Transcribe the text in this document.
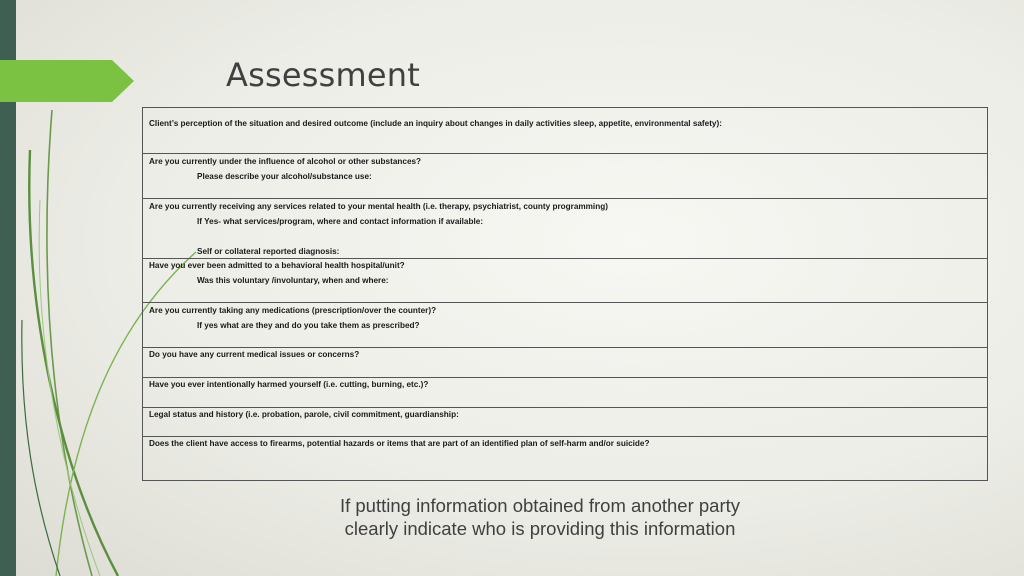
Assessment

Client’s perception of the situation and desired outcome (include an inquiry about changes in daily activities sleep, appetite, environmental safety):

Are you currently under the influence of alcohol or other substances?

Please describe your alcohol/substance use:

Are you currently receiving any services related to your mental health (i.e. therapy, psychiatrist, county programming)

If Yes- what services/program, where and contact information if available:

Self or collateral reported diagnosis:

Have you ever been admitted to a behavioral health hospital/unit?

Was this voluntary /involuntary, when and where:

Are you currently taking any medications (prescription/over the counter)?

If yes what are they and do you take them as prescribed?

Do you have any current medical issues or concerns?

Have you ever intentionally harmed yourself (i.e. cutting, burning, etc.)?

Legal status and history (i.e. probation, parole, civil commitment, guardianship:

Does the client have access to firearms, potential hazards or items that are part of an identified plan of self-harm and/or suicide?

If putting information obtained from another party
clearly indicate who is providing this information
